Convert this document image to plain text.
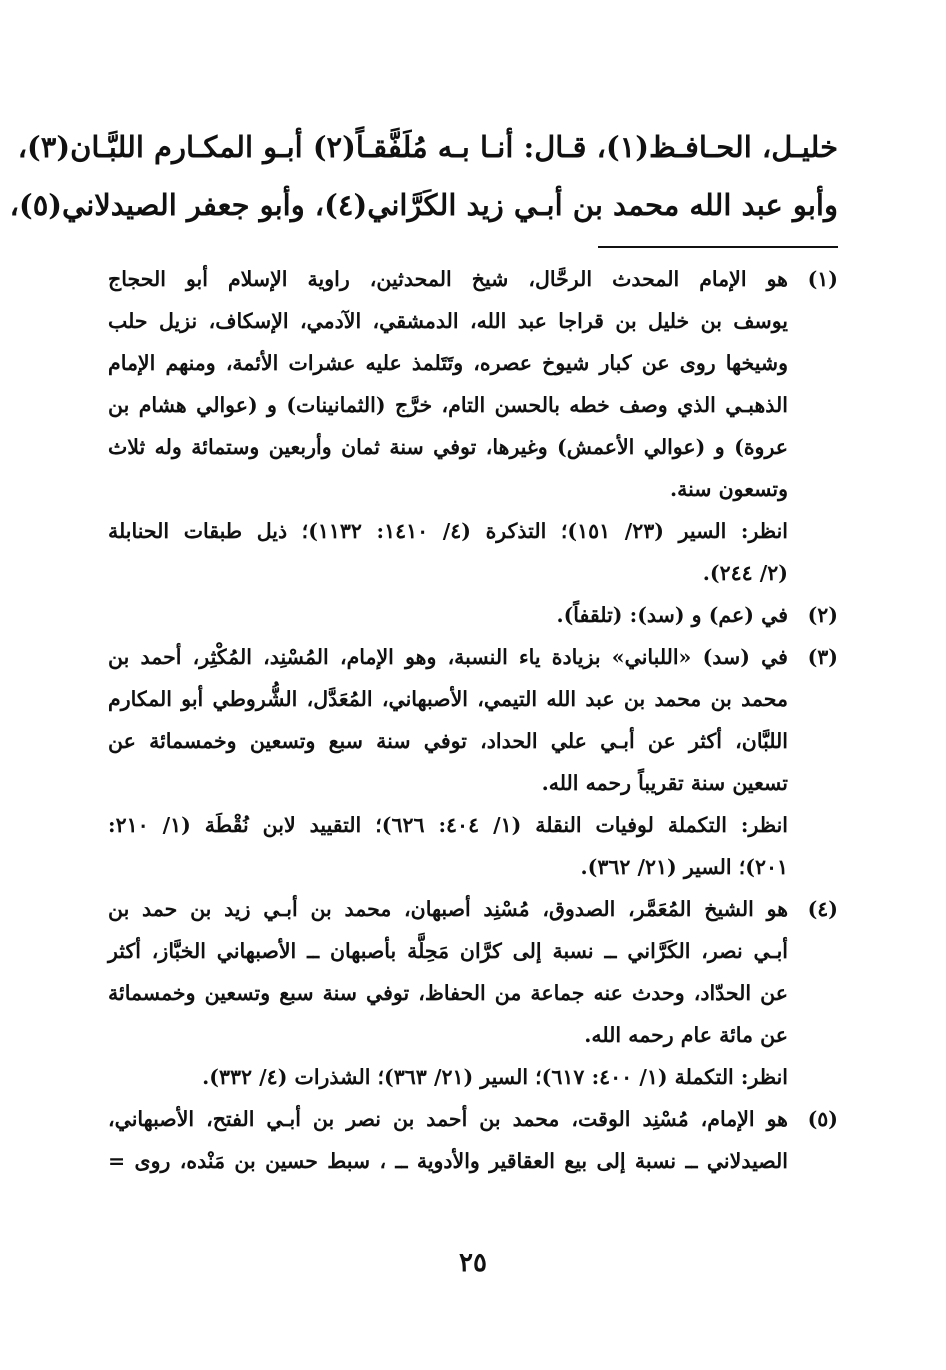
خليـل، الحـافـظ(١)، قـال: أنـا بـه مُلَفَّقـاً(٢) أبـو المكـارم اللبَّـان(٣)،
وأبو عبد الله محمد بن أبـي زيد الكَرَّاني(٤)، وأبو جعفر الصيدلاني(٥)،
(١)
هو الإمام المحدث الرحَّال، شيخ المحدثين، راوية الإسلام أبو الحجاج
يوسف بن خليل بن قراجا عبد الله، الدمشقي، الآدمي، الإسكاف، نزيل حلب
وشيخها روى عن كبار شيوخ عصره، وتَتَلمذ عليه عشرات الأئمة، ومنهم الإمام
الذهبـي الذي وصف خطه بالحسن التام، خرَّج (الثمانينات) و (عوالي هشام بن
عروة) و (عوالي الأعمش) وغيرها، توفي سنة ثمان وأربعين وستمائة وله ثلاث
وتسعون سنة.
انظر: السير (٢٣/ ١٥١)؛ التذكرة (٤/ ١٤١٠: ١١٣٢)؛ ذيل طبقات الحنابلة
(٢/ ٢٤٤).
(٢)
في (عم) و (سد): (تلقفاً).
(٣)
في (سد) «اللباني» بزيادة ياء النسبة، وهو الإمام، المُسْنِد، المُكْثِر، أحمد بن
محمد بن محمد بن عبد الله التيمي، الأصبهاني، المُعَدَّل، الشُّروطي أبو المكارم
اللبَّان، أكثر عن أبـي علي الحداد، توفي سنة سبع وتسعين وخمسمائة عن
تسعين سنة تقريباً رحمه الله.
انظر: التكملة لوفيات النقلة (١/ ٤٠٤: ٦٢٦)؛ التقييد لابن نُقْطَة (١/ ٢١٠:
٢٠١)؛ السير (٢١/ ٣٦٢).
(٤)
هو الشيخ المُعَمَّر، الصدوق، مُسْنِد أصبهان، محمد بن أبـي زيد بن حمد بن
أبـي نصر، الكَرَّاني ــ نسبة إلى كرَّان مَحِلَّة بأصبهان ــ الأصبهاني الخبَّاز، أكثر
عن الحدّاد، وحدث عنه جماعة من الحفاظ، توفي سنة سبع وتسعين وخمسمائة
عن مائة عام رحمه الله.
انظر: التكملة (١/ ٤٠٠: ٦١٧)؛ السير (٢١/ ٣٦٣)؛ الشذرات (٤/ ٣٣٢).
(٥)
هو الإمام، مُسْنِد الوقت، محمد بن أحمد بن نصر بن أبـي الفتح، الأصبهاني،
الصيدلاني ــ نسبة إلى بيع العقاقير والأدوية ــ ، سبط حسين بن مَنْده، روى =
٢٥
